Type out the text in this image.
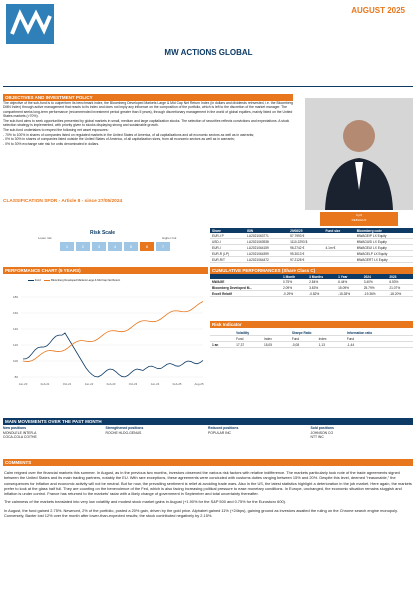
AUGUST 2025
MW ACTIONS GLOBAL
OBJECTIVES AND INVESTMENT POLICY

The objective of the sub-fund is to outperform its benchmark index, the Bloomberg Developed Markets Large & Mid Cap Net Return Index (in dollars and dividends reinvested, i.e. the Bloomberg DMN Index) through active management that reacts to its index and does not imply any influence on the composition of the portfolio, which is left to the discretion of the market manager. The compartment seeks long-term performance (recommended investment period greater than 5 years), through discretionary management in the world of global equities, mainly listed on the United States markets (>70%).

The sub-fund aims to seek opportunities presented by global markets in small, medium and large capitalization stocks. The selection of securities reflects convictions and expectations. A stock selection strategy is implemented, with priority given to stocks displaying strong and sustainable growth.

The sub-fund undertakes to respect the following net asset exposures:

- 70% to 100% in shares of companies listed on regulated markets in the United States of America, of all capitalizations and all economic sectors as well as in warrants;

- 0% to 30% in shares of companies listed outside the United States of America, of all capitalization sizes, from all economic sectors as well as in warrants;

- 0% to 30% exchange rate risk for units denominated in dollars.

CLASSIFICATION SFDR - Article 8 - since 27/05/2024
Cyril
DEBLIEUX
Risk Scale
Lower risk	Higher risk
1	2	3	4	5	6	7
Share	ISIN	29/08/25	Fund size	Bloomberg code
EUR-I P	LU2021063771	57.7993 €		MWAGEIP LX Equity
USD-I	LU2021063938	1110.2293 $		MWAGUSI LX Equity
EUR-I	LU2021064159	96.2742 €	4.1m €	MWAGEUI LX Equity
EUR-R (LP)	LU2021064399	95.3013 €		MWAGELP LX Equity
EUR-R/T	LU2021064472	97.2128 €		MWAGERT LX Equity
PERFORMANCE CHART (5 YEARS)
180
160
140
120
100
80
Jun-20	Feb-21	Oct-21	Jun-22	Feb-23	Oct-23	Jun-24	Feb-25	Aug-25
Fund	Bloomberg Developed Markets Large & Mid Cap Net Return
CUMULATIVE PERFORMANCES (Share Class C)
	1 Month	3 Months	1 Year	2024	2023
MWAGE	0.75%	2.84%	6.44%	3.40%	6.53%
Bloomberg Developed M...	2.09%	3.83%	15.09%	25.79%	21.07%
Excell Relatif	-0.29%	-0.82%	-15.28%	-19.36%	-18.20%
Risk Indicator
	Volatility		Sharpe Ratio		Information ratio
	Fund	Index	Fund	Index	Fund
1 an	17,37	15,05	-0,08	1,13	-1,44
MAIN MOVEMENTS OVER THE PAST MONTH
New positions
MONOLELE INTER-A
COCA-COLA CO/THE
Strengthened positions
ROCHE HLDG-GENUS
Reduced positions
POPULAR INC
Sold positions
JOHNSON CO
NTT INC
COMMENTS

Calm reigned over the financial markets this summer. In August, as in the previous two months, investors observed the various risk factors with relative indifference. The markets particularly took note of the trade agreements signed between the United States and its main trading partners, notably the EU. With rare exceptions, these agreements were concluded with customs duties ranging between 15% and 20%. Despite this level, deemed "reasonable," the consequences for inflation and economic activity will not be neutral. But for now, the prevailing sentiment is relief at avoiding trade wars. Also in the US, the latest statistics highlight a deterioration in the job market. Here again, the markets prefer to look at the glass half full. They are counting on the benevolence of the Fed, which is also facing increasing political pressure to ease monetary conditions. In Europe, unchanged, the economic situation remains sluggish and inflation is under control. France has returned to the markets' radar with a likely change of government in September and total uncertainty thereafter.

The calmness of the markets translated into very low volatility and modest stock market gains in August (+1.90% for the S&P 500 and 0.75% for the Eurostoxx 600).

In August, the fund gained 2.75%. Newmont, 2% of the portfolio, posted a 20% gain, driven by the gold price. Alphabet gained 11% (+24bps), gaining ground as investors awaited the ruling on the Chrome search engine monopoly. Conversely, Baxter lost 12% over the month after lower-than-expected results; the stock contributed negatively by 2.15%.
